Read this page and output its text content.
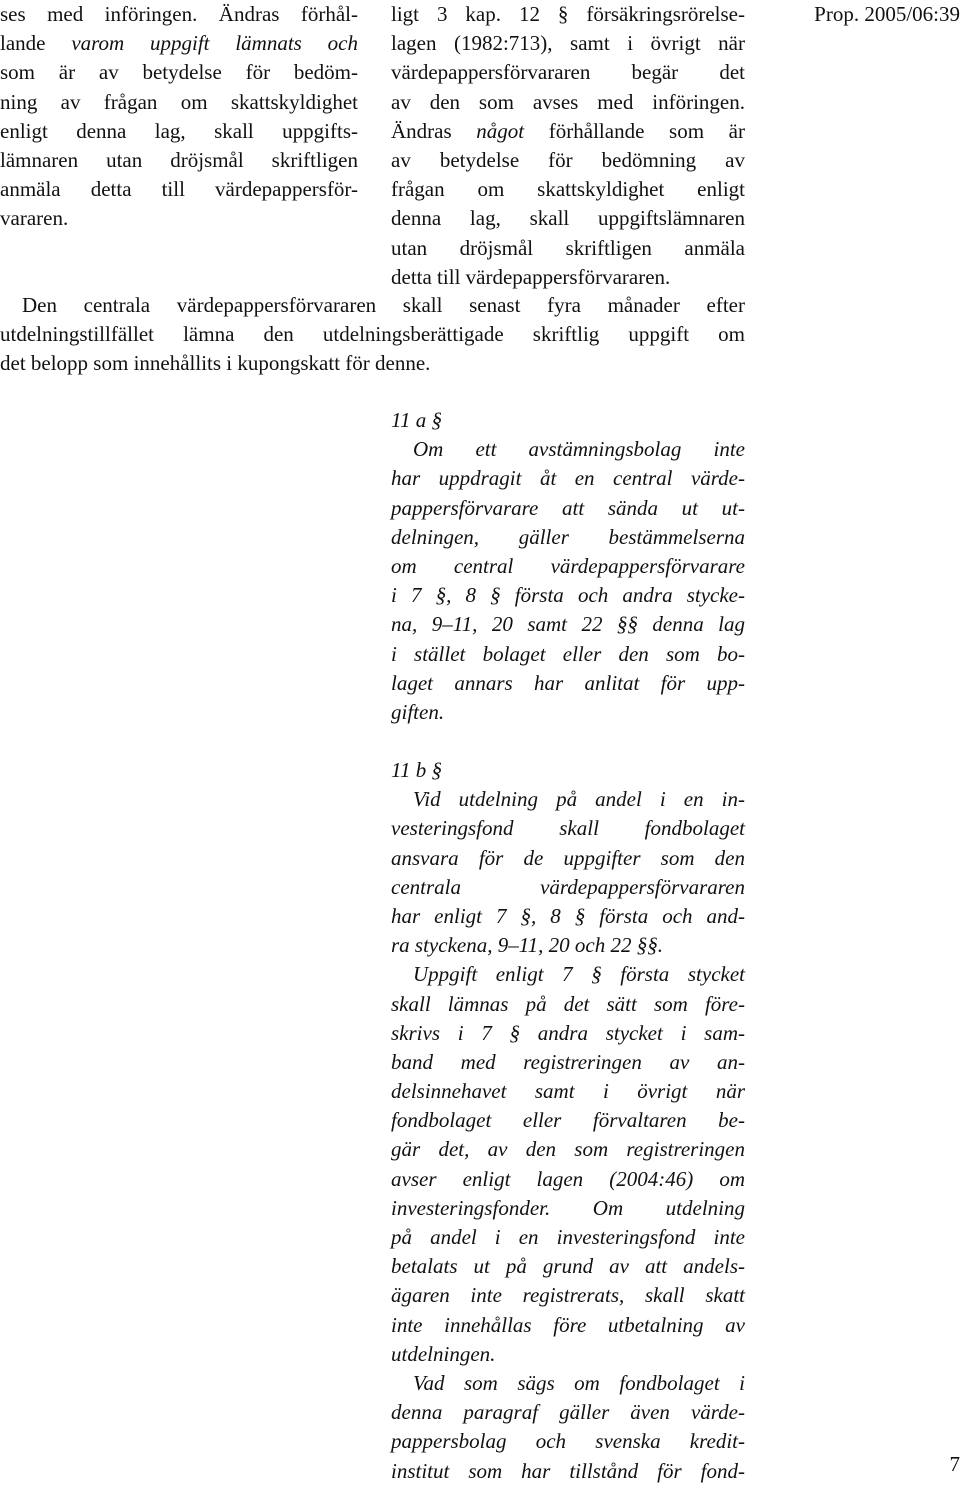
Prop. 2005/06:39
ses med införingen. Ändras förhål-
lande varom uppgift lämnats och
som är av betydelse för bedöm-
ning av frågan om skattskyldighet
enligt denna lag, skall uppgifts-
lämnaren utan dröjsmål skriftligen
anmäla detta till värdepappersför-
vararen.
ligt 3 kap. 12 § försäkringsrörelse-
lagen (1982:713), samt i övrigt när
värdepappersförvararen begär det
av den som avses med införingen.
Ändras något förhållande som är
av betydelse för bedömning av
frågan om skattskyldighet enligt
denna lag, skall uppgiftslämnaren
utan dröjsmål skriftligen anmäla
detta till värdepappersförvararen.
Den centrala värdepappersförvararen skall senast fyra månader efter
utdelningstillfället lämna den utdelningsberättigade skriftlig uppgift om
det belopp som innehållits i kupongskatt för denne.
11 a §
Om ett avstämningsbolag inte
har uppdragit åt en central värde-
pappersförvarare att sända ut ut-
delningen, gäller bestämmelserna
om central värdepappersförvarare
i 7 §, 8 § första och andra stycke-
na, 9–11, 20 samt 22 §§ denna lag
i stället bolaget eller den som bo-
laget annars har anlitat för upp-
giften.
11 b §
Vid utdelning på andel i en in-
vesteringsfond skall fondbolaget
ansvara för de uppgifter som den
centrala värdepappersförvararen
har enligt 7 §, 8 § första och and-
ra styckena, 9–11, 20 och 22 §§.
Uppgift enligt 7 § första stycket
skall lämnas på det sätt som före-
skrivs i 7 § andra stycket i sam-
band med registreringen av an-
delsinnehavet samt i övrigt när
fondbolaget eller förvaltaren be-
gär det, av den som registreringen
avser enligt lagen (2004:46) om
investeringsfonder. Om utdelning
på andel i en investeringsfond inte
betalats ut på grund av att andels-
ägaren inte registrerats, skall skatt
inte innehållas före utbetalning av
utdelningen.
Vad som sägs om fondbolaget i
denna paragraf gäller även värde-
pappersbolag och svenska kredit-
institut som har tillstånd för fond-	7
